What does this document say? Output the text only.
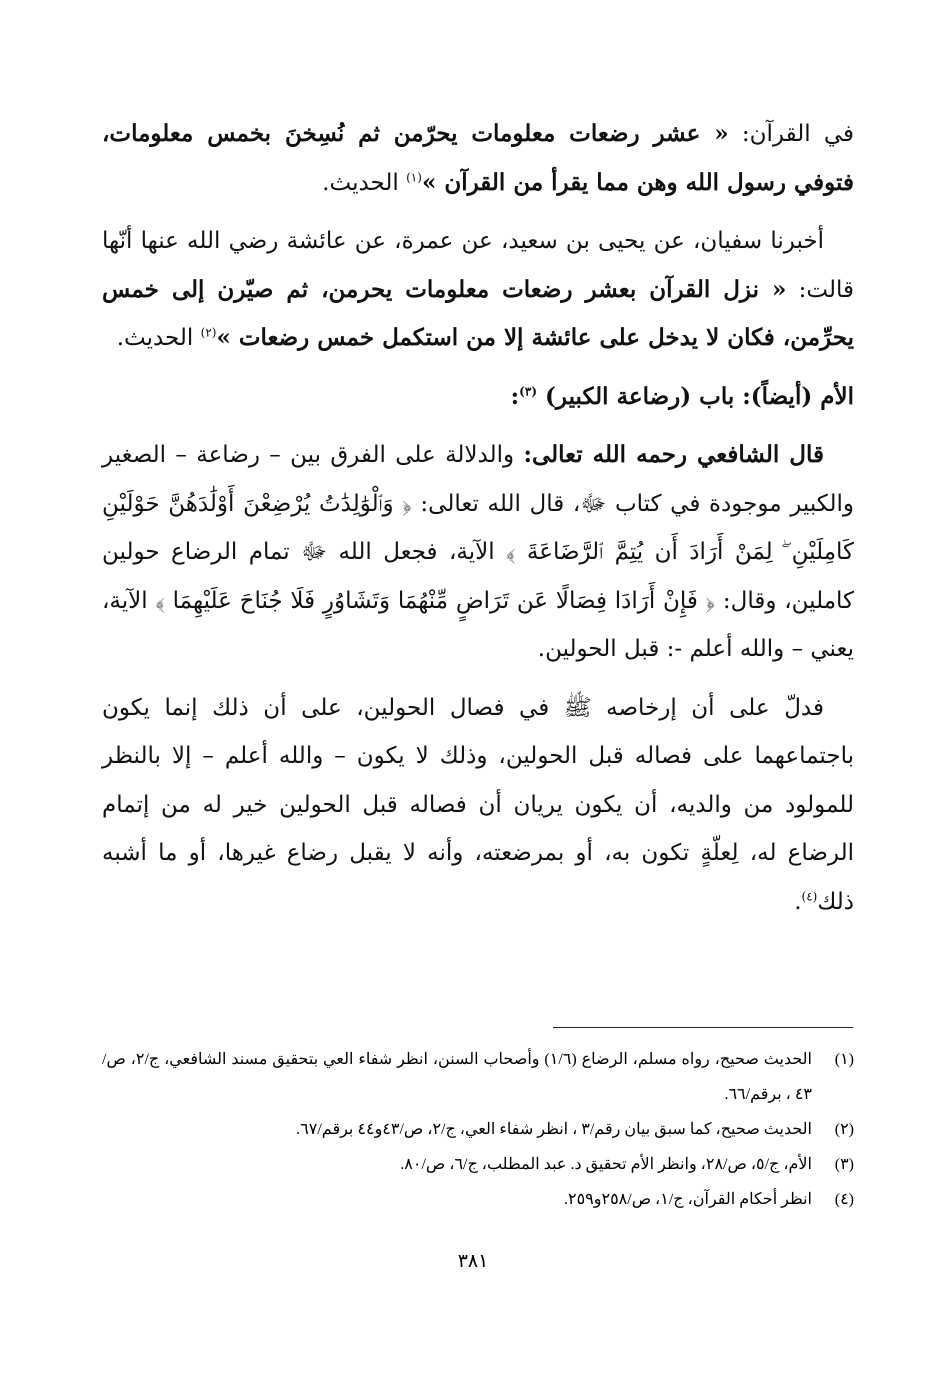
في القرآن: « عشر رضعات معلومات يحرّمن ثم نُسِخنَ بخمس معلومات، فتوفي رسول الله وهن مما يقرأ من القرآن »$^{(١)}$ الحديث.

أخبرنا سفيان، عن يحيى بن سعيد، عن عمرة، عن عائشة رضي الله عنها أنّها قالت: « نزل القرآن بعشر رضعات معلومات يحرمن، ثم صيّرن إلى خمس يحرِّمن، فكان لا يدخل على عائشة إلا من استكمل خمس رضعات »$^{(٢)}$ الحديث.

الأم (أيضاً): باب (رضاعة الكبير) $^{(٣)}$:

قال الشافعي رحمه الله تعالى: والدلالة على الفرق بين – رضاعة – الصغير والكبير موجودة في كتاب ﷻ، قال الله تعالى: ﴿ وَٱلْوَٰلِدَٰتُ يُرْضِعْنَ أَوْلَٰدَهُنَّ حَوْلَيْنِ كَامِلَيْنِ ۖ لِمَنْ أَرَادَ أَن يُتِمَّ ٱلرَّضَاعَةَ ﴾ الآية، فجعل الله ﷻ تمام الرضاع حولين كاملين، وقال: ﴿ فَإِنْ أَرَادَا فِصَالًا عَن تَرَاضٍ مِّنْهُمَا وَتَشَاوُرٍ فَلَا جُنَاحَ عَلَيْهِمَا ﴾ الآية، يعني – والله أعلم -: قبل الحولين.

فدلّ على أن إرخاصه ﷺ في فصال الحولين، على أن ذلك إنما يكون باجتماعهما على فصاله قبل الحولين، وذلك لا يكون – والله أعلم – إلا بالنظر للمولود من والديه، أن يكون يريان أن فصاله قبل الحولين خير له من إتمام الرضاع له، لِعلّةٍ تكون به، أو بمرضعته، وأنه لا يقبل رضاع غيرها، أو ما أشبه ذلك$^{(٤)}$.

(١)
الحديث صحيح، رواه مسلم، الرضاع (١/٦) وأصحاب السنن، انظر شفاء العي بتحقيق مسند الشافعي، ج/٢، ص/٤٣ ، برقم/٦٦.
(٢)
الحديث صحيح، كما سبق بيان رقم/٣ ، انظر شفاء العي، ج/٢، ص/٤٣و٤٤ برقم/٦٧.
(٣)
الأم، ج/٥، ص/٢٨، وانظر الأم تحقيق د. عبد المطلب، ج/٦، ص/٨٠.
(٤)
انظر أحكام القرآن، ج/١، ص/٢٥٨و٢٥٩.
٣٨١
